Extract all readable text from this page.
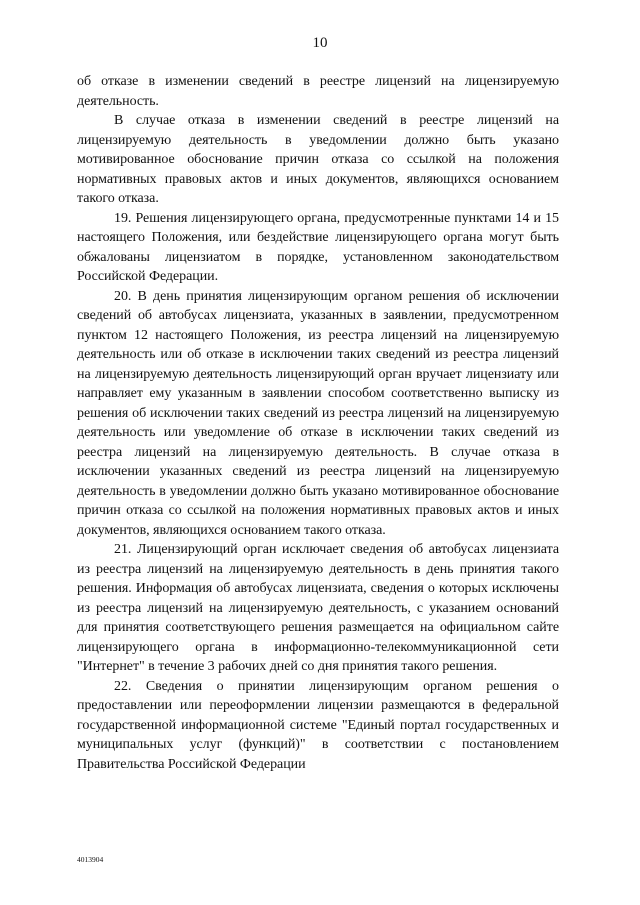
10

об отказе в изменении сведений в реестре лицензий на лицензируемую деятельность.

В случае отказа в изменении сведений в реестре лицензий на лицензируемую деятельность в уведомлении должно быть указано мотивированное обоснование причин отказа со ссылкой на положения нормативных правовых актов и иных документов, являющихся основанием такого отказа.

19. Решения лицензирующего органа, предусмотренные пунктами 14 и 15 настоящего Положения, или бездействие лицензирующего органа могут быть обжалованы лицензиатом в порядке, установленном законодательством Российской Федерации.

20. В день принятия лицензирующим органом решения об исключении сведений об автобусах лицензиата, указанных в заявлении, предусмотренном пунктом 12 настоящего Положения, из реестра лицензий на лицензируемую деятельность или об отказе в исключении таких сведений из реестра лицензий на лицензируемую деятельность лицензирующий орган вручает лицензиату или направляет ему указанным в заявлении способом соответственно выписку из решения об исключении таких сведений из реестра лицензий на лицензируемую деятельность или уведомление об отказе в исключении таких сведений из реестра лицензий на лицензируемую деятельность. В случае отказа в исключении указанных сведений из реестра лицензий на лицензируемую деятельность в уведомлении должно быть указано мотивированное обоснование причин отказа со ссылкой на положения нормативных правовых актов и иных документов, являющихся основанием такого отказа.

21. Лицензирующий орган исключает сведения об автобусах лицензиата из реестра лицензий на лицензируемую деятельность в день принятия такого решения. Информация об автобусах лицензиата, сведения о которых исключены из реестра лицензий на лицензируемую деятельность, с указанием оснований для принятия соответствующего решения размещается на официальном сайте лицензирующего органа в информационно-телекоммуникационной сети "Интернет" в течение 3 рабочих дней со дня принятия такого решения.

22. Сведения о принятии лицензирующим органом решения о предоставлении или переоформлении лицензии размещаются в федеральной государственной информационной системе "Единый портал государственных и муниципальных услуг (функций)" в соответствии с постановлением Правительства Российской Федерации

4013904
